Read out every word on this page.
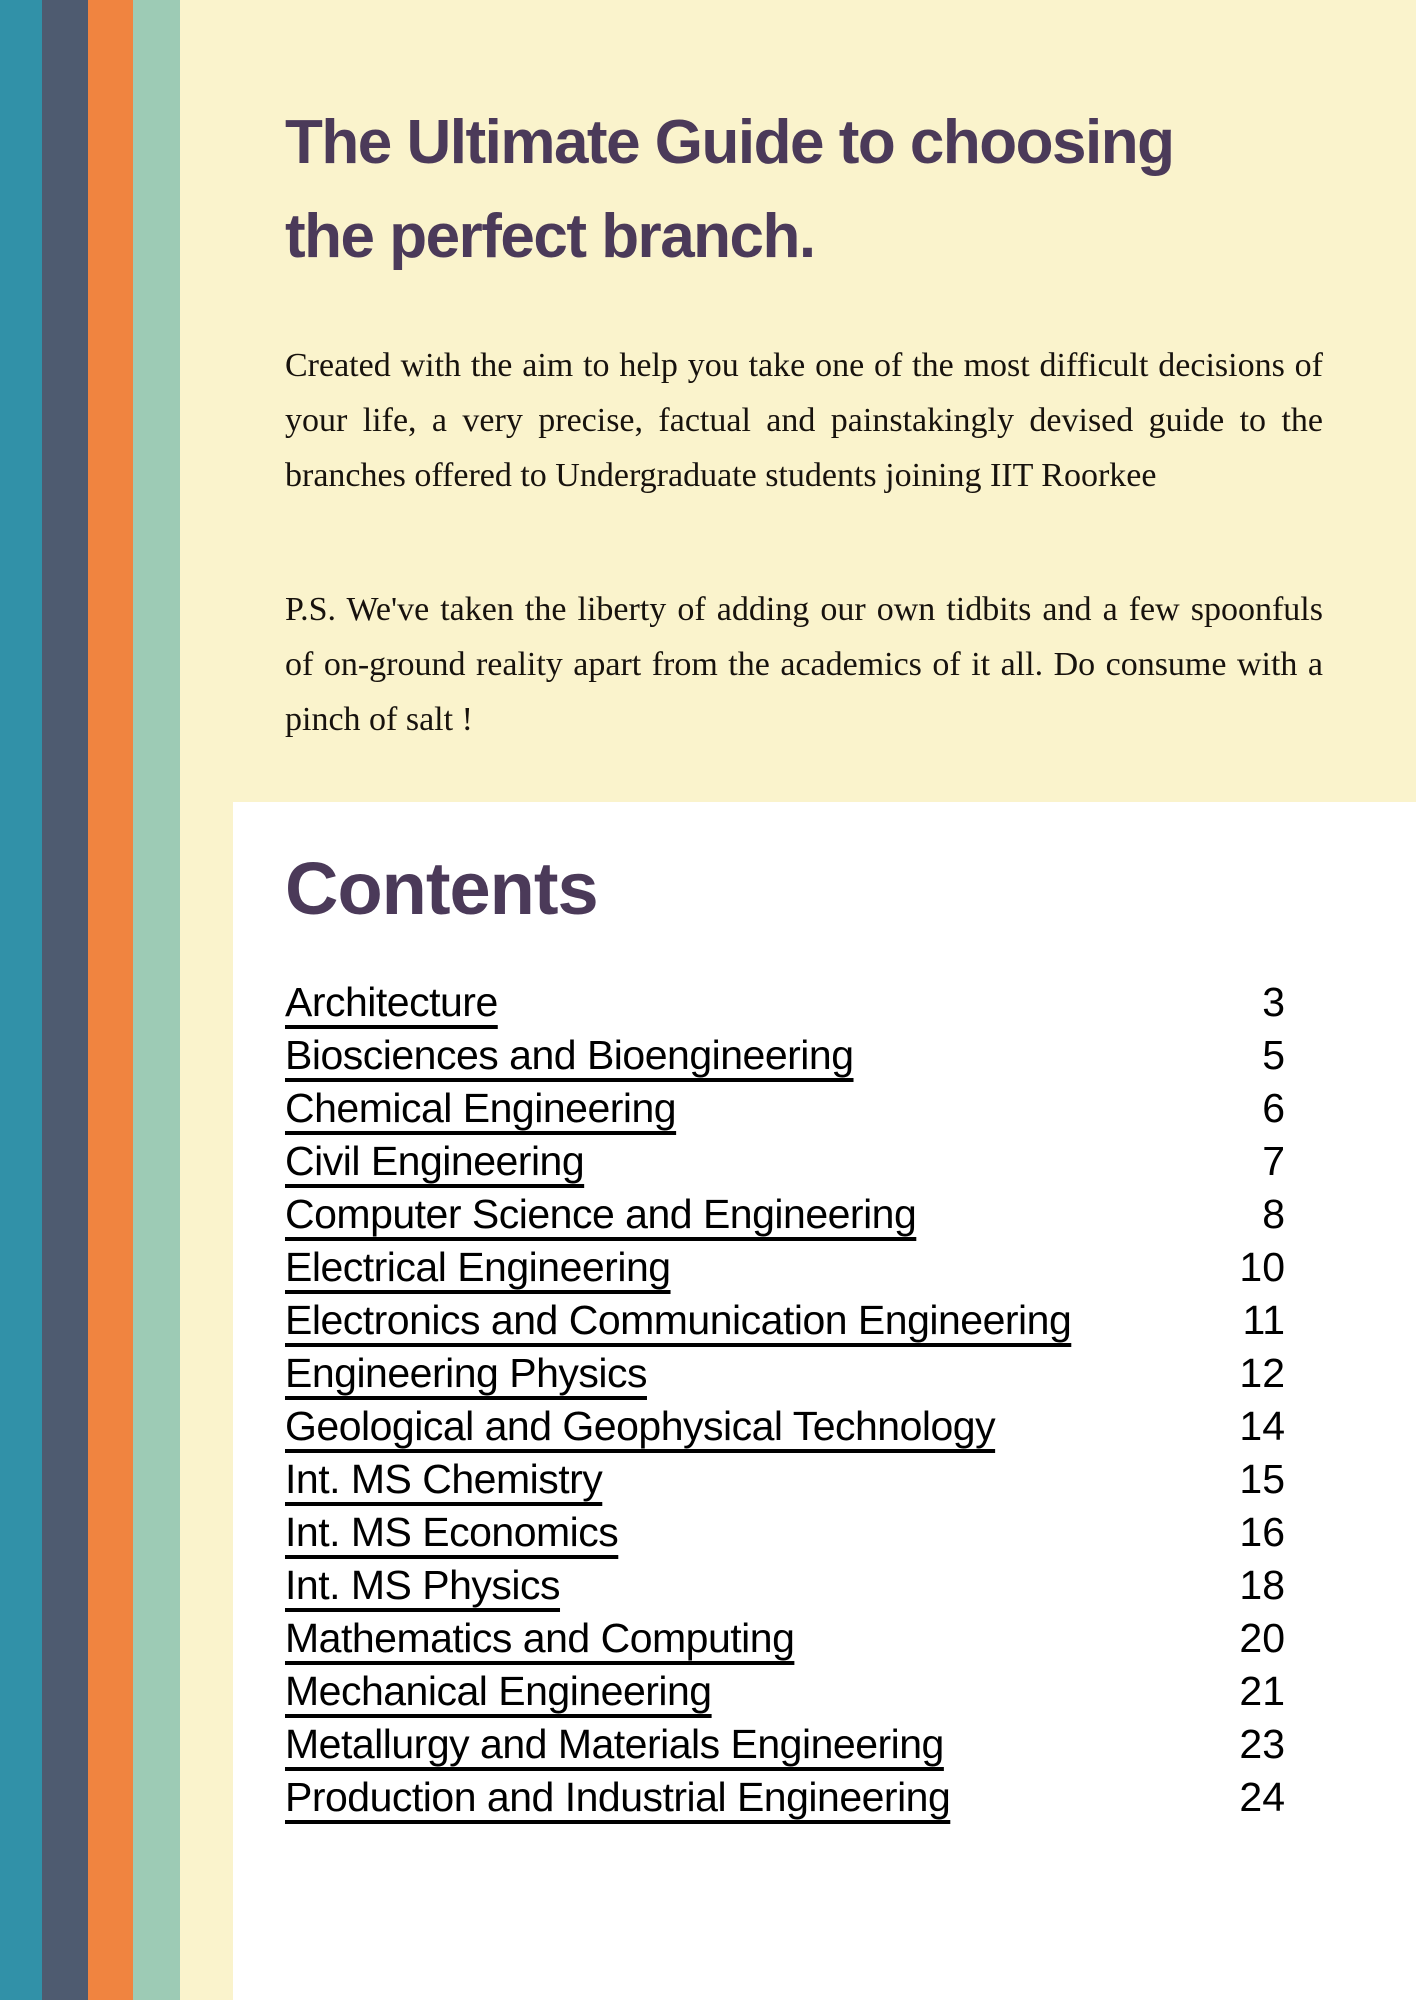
The Ultimate Guide to choosing the perfect branch.

Created with the aim to help you take one of the most difficult decisions of your life, a very precise, factual and painstakingly devised guide to the branches offered to Undergraduate students joining IIT Roorkee

P.S. We've taken the liberty of adding our own tidbits and a few spoonfuls of on-ground reality apart from the academics of it all. Do consume with a pinch of salt !

Contents
Architecture	3
Biosciences and Bioengineering	5
Chemical Engineering	6
Civil Engineering	7
Computer Science and Engineering	8
Electrical Engineering	10
Electronics and Communication Engineering	11
Engineering Physics	12
Geological and Geophysical Technology	14
Int. MS Chemistry	15
Int. MS Economics	16
Int. MS Physics	18
Mathematics and Computing	20
Mechanical Engineering	21
Metallurgy and Materials Engineering	23
Production and Industrial Engineering	24
